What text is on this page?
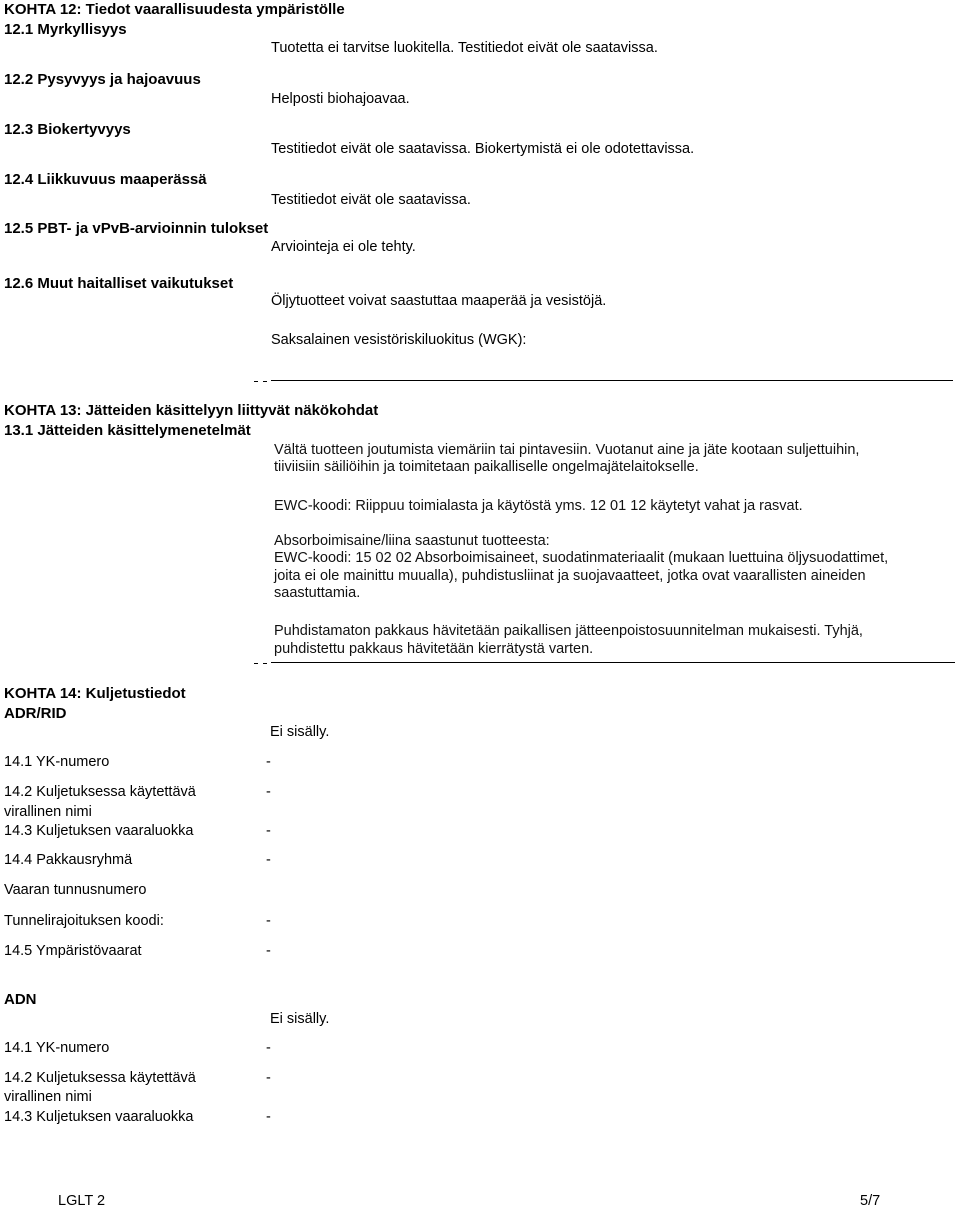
KOHTA 12: Tiedot vaarallisuudesta ympäristölle
12.1 Myrkyllisyys
Tuotetta ei tarvitse luokitella. Testitiedot eivät ole saatavissa.
12.2 Pysyvyys ja hajoavuus
Helposti biohajoavaa.
12.3 Biokertyvyys
Testitiedot eivät ole saatavissa. Biokertymistä ei ole odotettavissa.
12.4 Liikkuvuus maaperässä
Testitiedot eivät ole saatavissa.
12.5 PBT- ja vPvB-arvioinnin tulokset
Arviointeja ei ole tehty.
12.6 Muut haitalliset vaikutukset
Öljytuotteet voivat saastuttaa maaperää ja vesistöjä.
Saksalainen vesistöriskiluokitus (WGK):
KOHTA 13: Jätteiden käsittelyyn liittyvät näkökohdat
13.1 Jätteiden käsittelymenetelmät
Vältä tuotteen joutumista viemäriin tai pintavesiin. Vuotanut aine ja jäte kootaan suljettuihin,
tiiviisiin säiliöihin ja toimitetaan paikalliselle ongelmajätelaitokselle.
EWC-koodi: Riippuu toimialasta ja käytöstä yms. 12 01 12 käytetyt vahat ja rasvat.
Absorboimisaine/liina saastunut tuotteesta:
EWC-koodi: 15 02 02 Absorboimisaineet, suodatinmateriaalit (mukaan luettuina öljysuodattimet,
joita ei ole mainittu muualla), puhdistusliinat ja suojavaatteet, jotka ovat vaarallisten aineiden
saastuttamia.
Puhdistamaton pakkaus hävitetään paikallisen jätteenpoistosuunnitelman mukaisesti. Tyhjä,
puhdistettu pakkaus hävitetään kierrätystä varten.
KOHTA 14: Kuljetustiedot
ADR/RID
Ei sisälly.
14.1 YK-numero	-
14.2 Kuljetuksessa käytettävä
virallinen nimi
-
14.3 Kuljetuksen vaaraluokka	-
14.4 Pakkausryhmä	-
Vaaran tunnusnumero
Tunnelirajoituksen koodi:	-
14.5 Ympäristövaarat	-
ADN
Ei sisälly.
14.1 YK-numero	-
14.2 Kuljetuksessa käytettävä
virallinen nimi
-
14.3 Kuljetuksen vaaraluokka	-
LGLT 2	5/7
